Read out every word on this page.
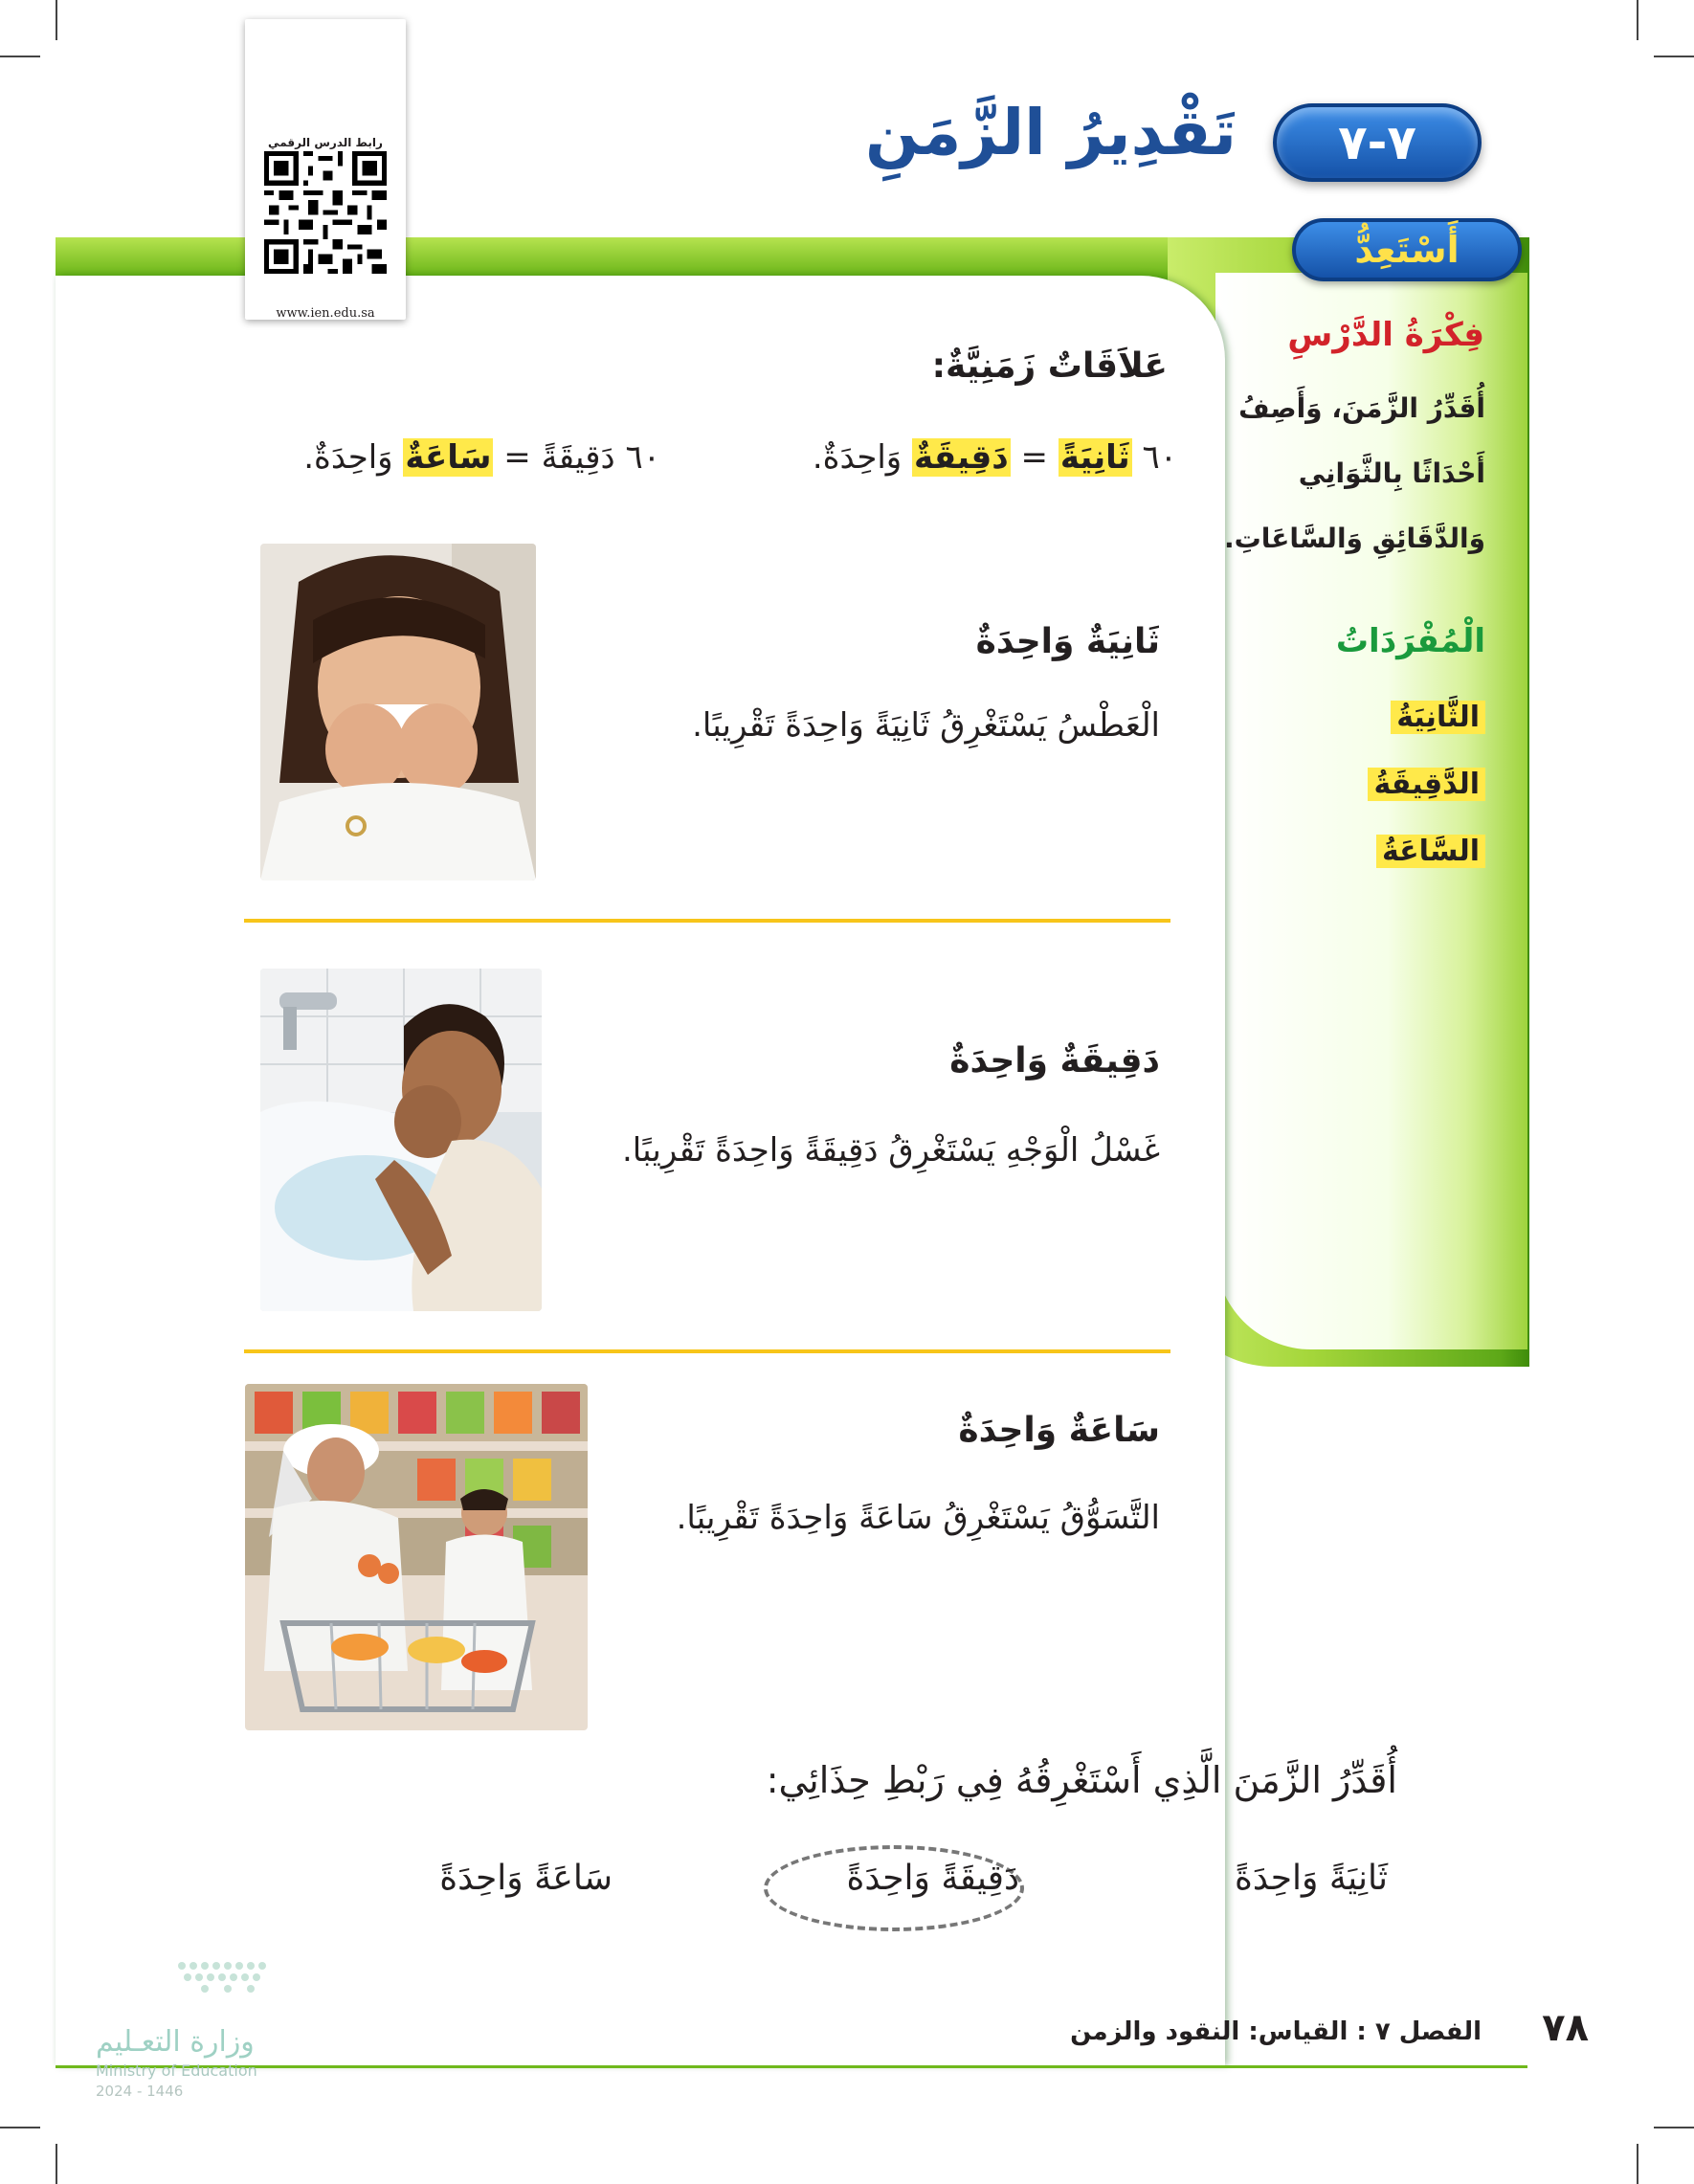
رابط الدرس الرقمي
www.ien.edu.sa
٧-٧
تَقْدِيرُ الزَّمَنِ
أَسْتَعِدُّ
فِكْرَةُ الدَّرْسِ
أُقَدِّرُ الزَّمَنَ، وَأَصِفُ
أَحْدَاثًا بِالثَّوَانِي
وَالدَّقَائِقِ وَالسَّاعَاتِ.
الْمُفْرَدَاتُ
الثَّانِيَةُ
الدَّقِيقَةُ
السَّاعَةُ
عَلاَقَاتٌ زَمَنِيَّةٌ:
٦٠ ثَانِيَةً = دَقِيقَةٌ وَاحِدَةٌ.
٦٠ دَقِيقَةً = سَاعَةٌ وَاحِدَةٌ.
ثَانِيَةٌ وَاحِدَةٌ
الْعَطْسُ يَسْتَغْرِقُ ثَانِيَةً وَاحِدَةً تَقْرِيبًا.
دَقِيقَةٌ وَاحِدَةٌ
غَسْلُ الْوَجْهِ يَسْتَغْرِقُ دَقِيقَةً وَاحِدَةً تَقْرِيبًا.
سَاعَةٌ وَاحِدَةٌ
التَّسَوُّقُ يَسْتَغْرِقُ سَاعَةً وَاحِدَةً تَقْرِيبًا.
أُقَدِّرُ الزَّمَنَ الَّذِي أَسْتَغْرِقُهُ فِي رَبْطِ حِذَائِي:
ثَانِيَةً وَاحِدَةً
دَقِيقَةً وَاحِدَةً
سَاعَةً وَاحِدَةً
وزارة التعـليم
Ministry of Education
2024 - 1446
الفصل ٧ : القياس: النقود والزمن ٧٨
